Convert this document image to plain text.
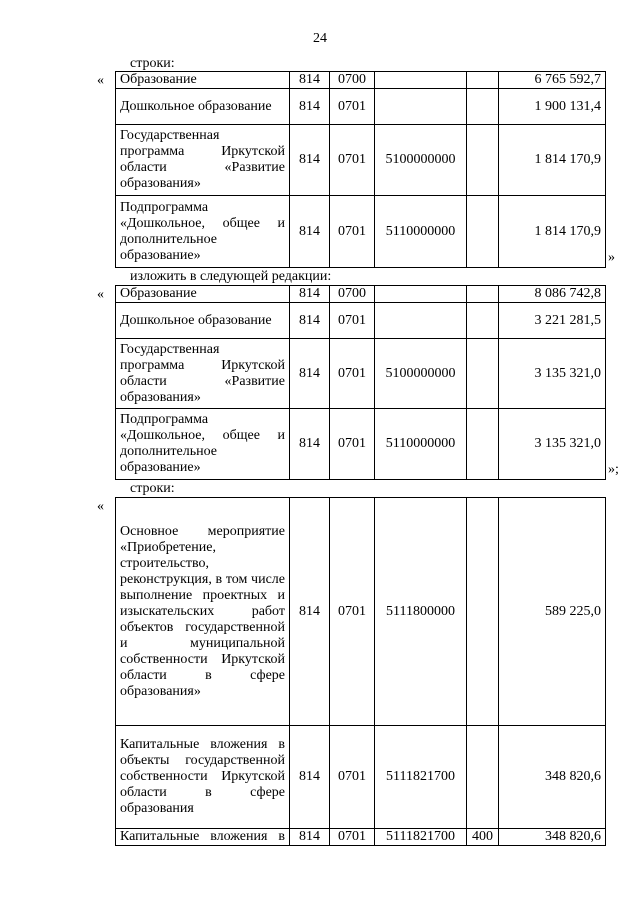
24
строки:
« Образование	814	0700			6 765 592,7
Дошкольное образование	814	0701			1 900 131,4
Государственная программа Иркутской области «Развитие образования»	814	0701	5100000000		1 814 170,9
Подпрограмма «Дошкольное, общее и дополнительное образование»	814	0701	5110000000		1 814 170,9
»
изложить в следующей редакции:
« Образование	814	0700			8 086 742,8
Дошкольное образование	814	0701			3 221 281,5
Государственная программа Иркутской области «Развитие образования»	814	0701	5100000000		3 135 321,0
Подпрограмма «Дошкольное, общее и дополнительное образование»	814	0701	5110000000		3 135 321,0
»;
строки:
«
Основное мероприятие «Приобретение, строительство, реконструкция, в том числе выполнение проектных и изыскательских работ объектов государственной и муниципальной собственности Иркутской области в сфере образования»	814	0701	5111800000		589 225,0
Капитальные вложения в объекты государственной собственности Иркутской области в сфере образования	814	0701	5111821700		348 820,6
Капитальные вложения в	814	0701	5111821700	400	348 820,6
